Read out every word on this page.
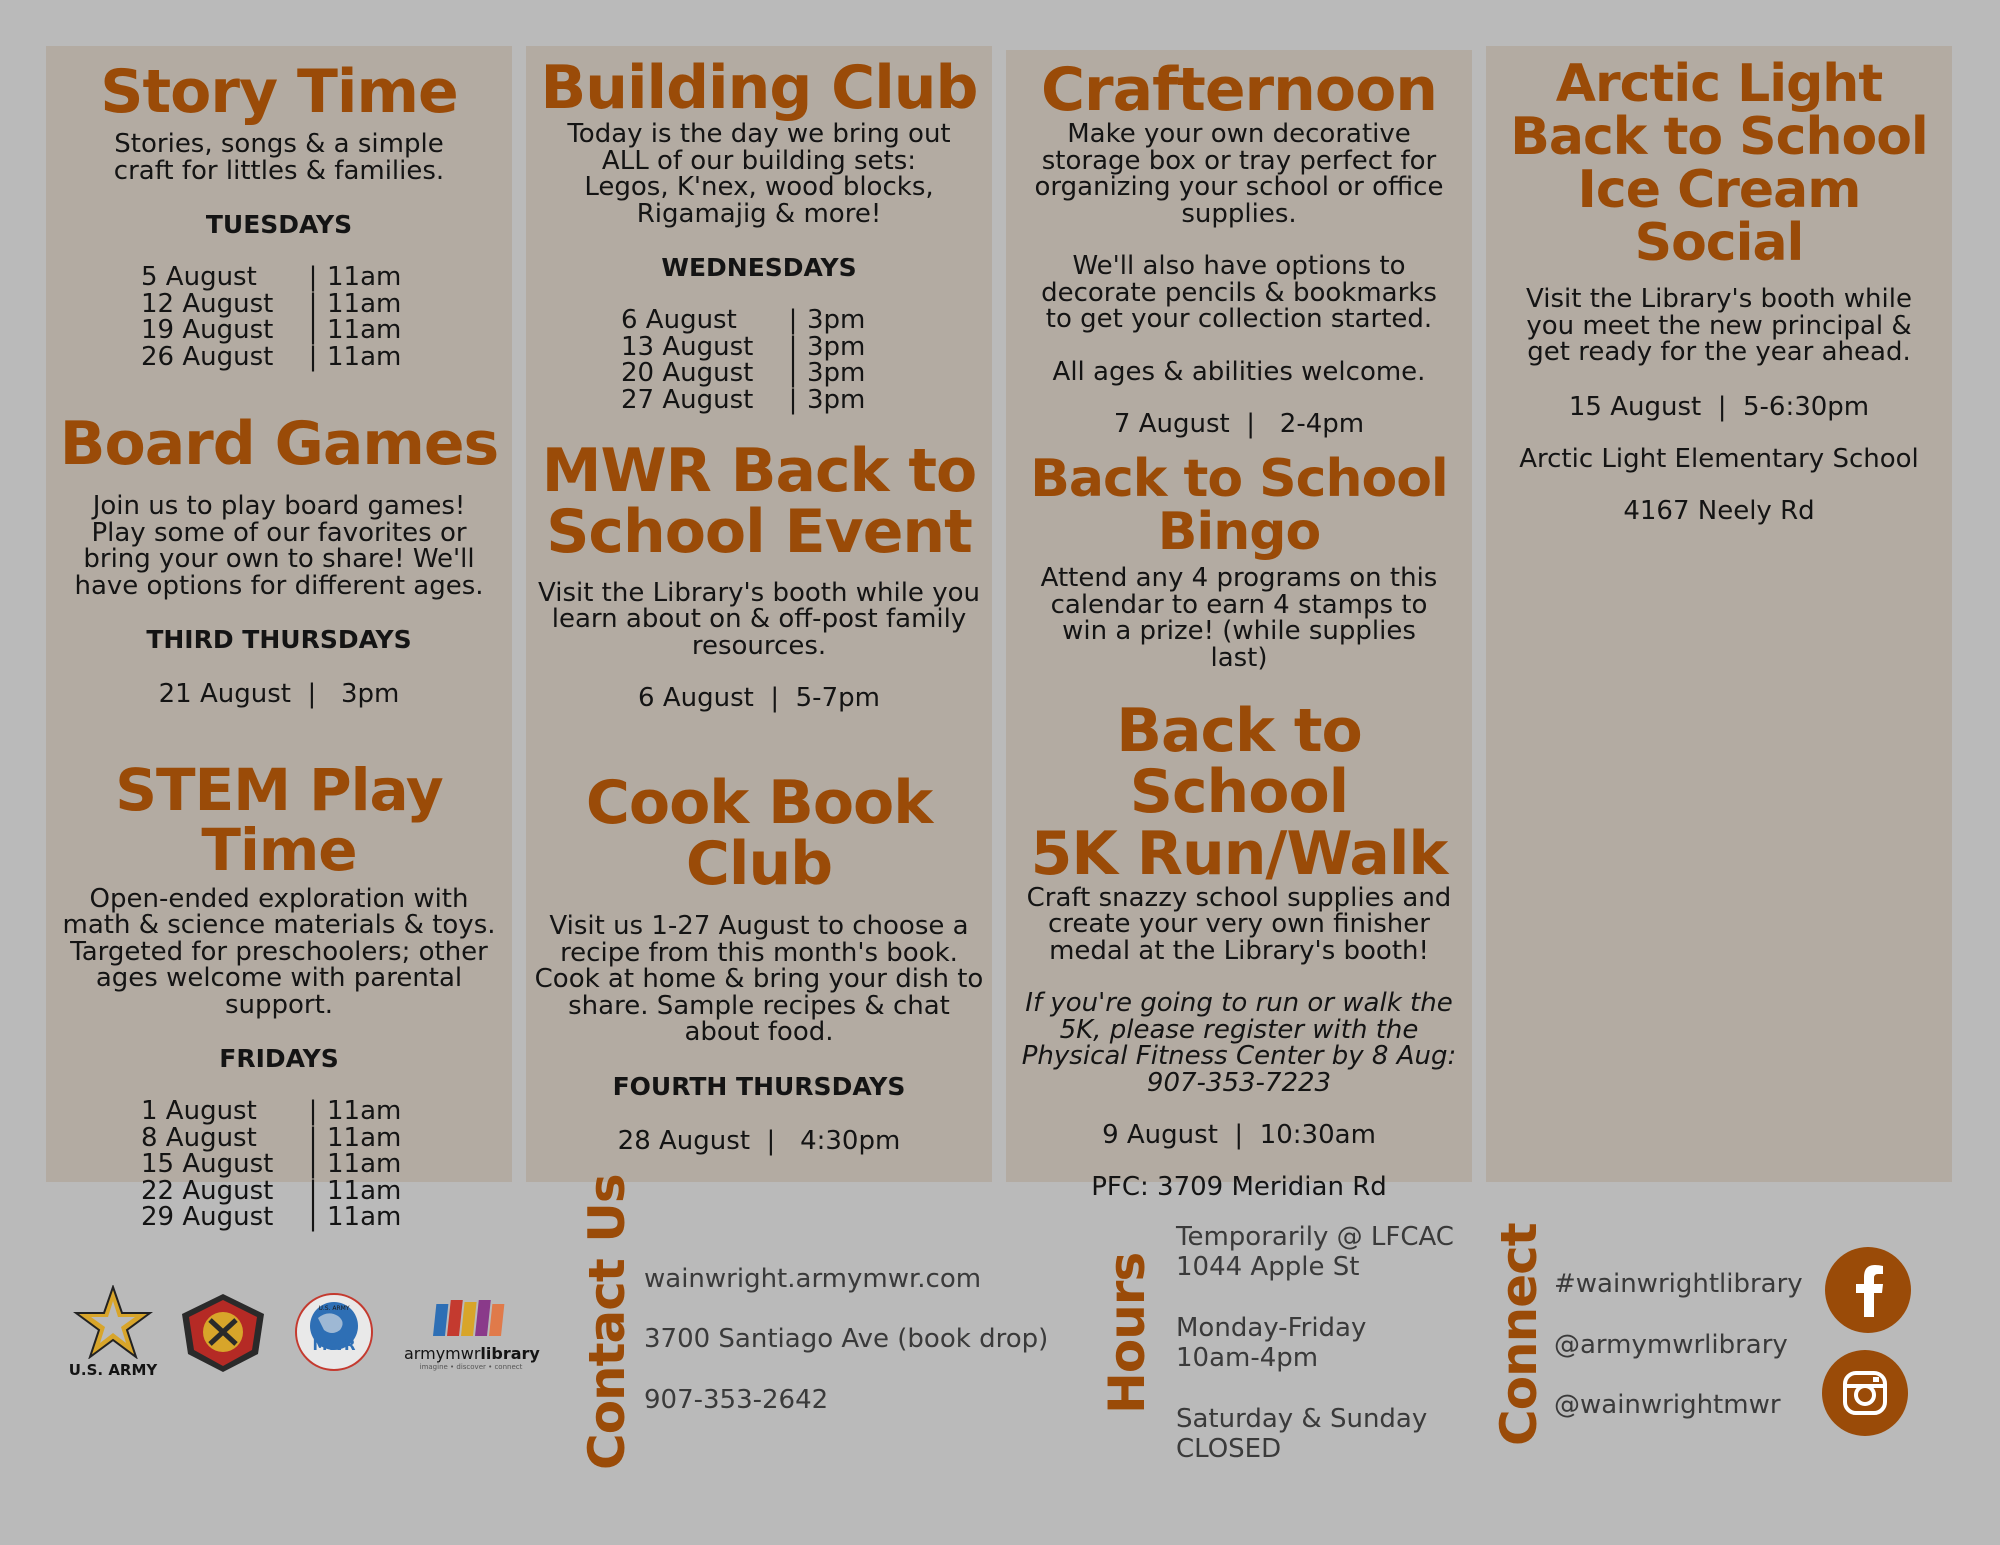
Story Time
Stories, songs & a simple craft for littles & families.
TUESDAYS
5 August	| 11am
12 August	| 11am
19 August	| 11am
26 August	| 11am
Board Games
Join us to play board games! Play some of our favorites or bring your own to share! We'll have options for different ages.
THIRD THURSDAYS
21 August  |   3pm
STEM Play Time
Open-ended exploration with math & science materials & toys. Targeted for preschoolers; other ages welcome with parental support.
FRIDAYS
1 August	| 11am
8 August	| 11am
15 August	| 11am
22 August	| 11am
29 August	| 11am
Building Club
Today is the day we bring out ALL of our building sets: Legos, K'nex, wood blocks, Rigamajig & more!
WEDNESDAYS
6 August	| 3pm
13 August	| 3pm
20 August	| 3pm
27 August	| 3pm
MWR Back to
School Event
Visit the Library's booth while you learn about on & off-post family resources.
6 August  |  5-7pm
Cook Book
Club
Visit us 1-27 August to choose a recipe from this month's book. Cook at home & bring your dish to share. Sample recipes & chat about food.
FOURTH THURSDAYS
28 August  |   4:30pm
Crafternoon
Make your own decorative storage box or tray perfect for organizing your school or office supplies.
We'll also have options to decorate pencils & bookmarks to get your collection started.
All ages & abilities welcome.
7 August  |   2-4pm
Back to School
Bingo
Attend any 4 programs on this calendar to earn 4 stamps to win a prize! (while supplies last)
Back to School
5K Run/Walk
Craft snazzy school supplies and create your very own finisher medal at the Library's booth!
If you're going to run or walk the 5K, please register with the Physical Fitness Center by 8 Aug: 907-353-7223
9 August  |  10:30am
PFC: 3709 Meridian Rd
Arctic Light
Back to School
Ice Cream Social
Visit the Library's booth while you meet the new principal & get ready for the year ahead.
15 August  |  5-6:30pm
Arctic Light Elementary School
4167 Neely Rd
U.S. ARMY
U.S. ARMY
MWR	armymwrlibrary
imagine • discover • connect	Contact Us wainwright.armymwr.com
3700 Santiago Ave (book drop)
907-353-2642	Hours
Temporarily @ LFCAC
1044 Apple St
Monday-Friday
10am-4pm
Saturday & Sunday
CLOSED
Connect #wainwrightlibrary
@armymwrlibrary
@wainwrightmwr
